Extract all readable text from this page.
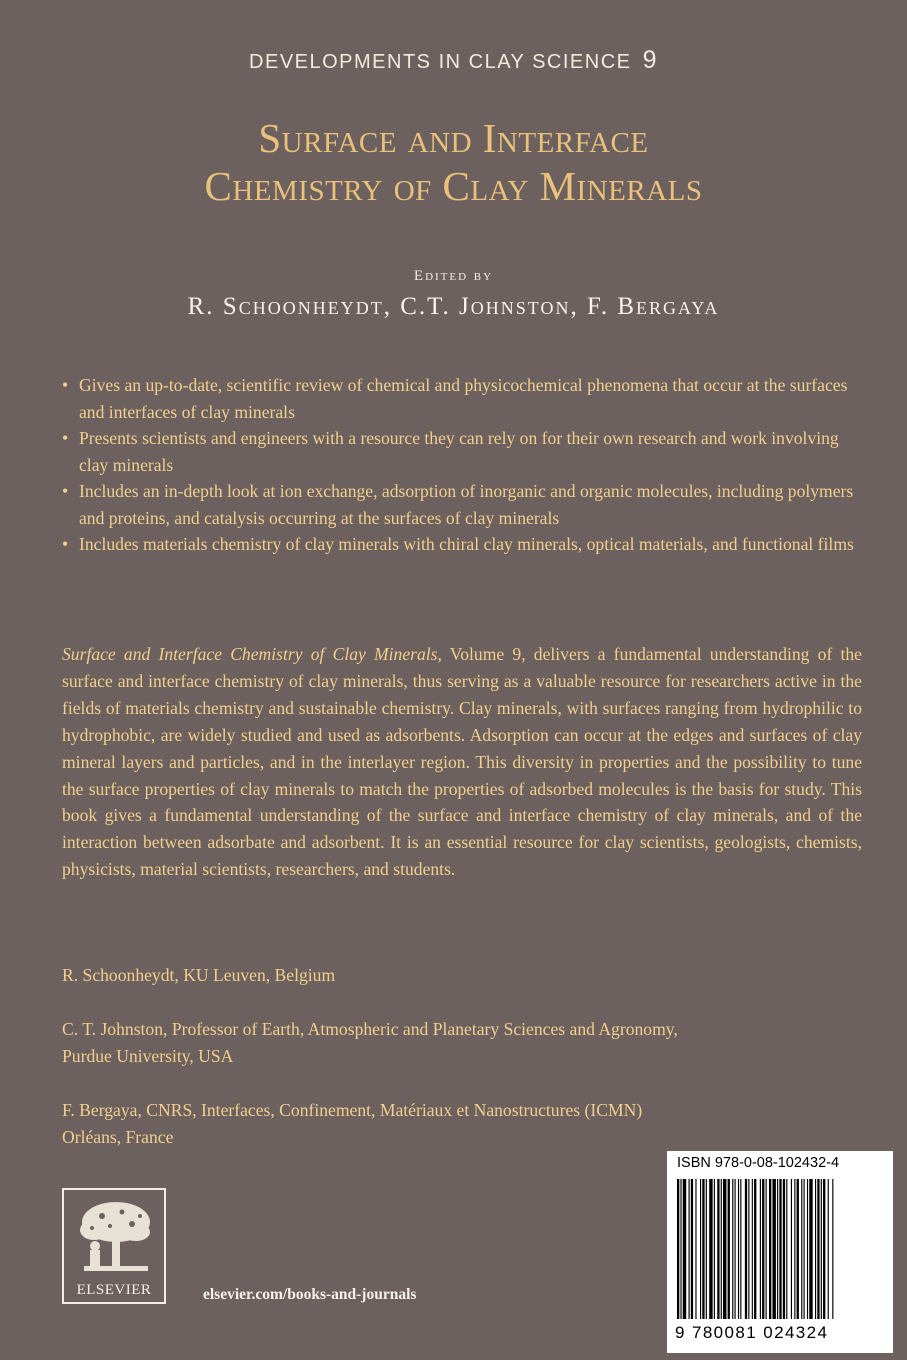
DEVELOPMENTS IN CLAY SCIENCE 9
Surface and Interface
Chemistry of Clay Minerals
Edited by
R. Schoonheydt, C.T. Johnston, F. Bergaya
• Gives an up-to-date, scientific review of chemical and physicochemical phenomena that occur at the surfaces and interfaces of clay minerals
• Presents scientists and engineers with a resource they can rely on for their own research and work involving clay minerals
• Includes an in-depth look at ion exchange, adsorption of inorganic and organic molecules, including polymers and proteins, and catalysis occurring at the surfaces of clay minerals
• Includes materials chemistry of clay minerals with chiral clay minerals, optical materials, and functional films

Surface and Interface Chemistry of Clay Minerals, Volume 9, delivers a fundamental understanding of the surface and interface chemistry of clay minerals, thus serving as a valuable resource for researchers active in the fields of materials chemistry and sustainable chemistry. Clay minerals, with surfaces ranging from hydrophilic to hydrophobic, are widely studied and used as adsorbents. Adsorption can occur at the edges and surfaces of clay mineral layers and particles, and in the interlayer region. This diversity in properties and the possibility to tune the surface properties of clay minerals to match the properties of adsorbed molecules is the basis for study. This book gives a fundamental understanding of the surface and interface chemistry of clay minerals, and of the interaction between adsorbate and adsorbent. It is an essential resource for clay scientists, geologists, chemists, physicists, material scientists, researchers, and students.

R. Schoonheydt, KU Leuven, Belgium

C. T. Johnston, Professor of Earth, Atmospheric and Planetary Sciences and Agronomy,
Purdue University, USA

F. Bergaya, CNRS, Interfaces, Confinement, Matériaux et Nanostructures (ICMN)
Orléans, France

ELSEVIER	elsevier.com/books-and-journals
ISBN 978-0-08-102432-4
9 780081 024324
